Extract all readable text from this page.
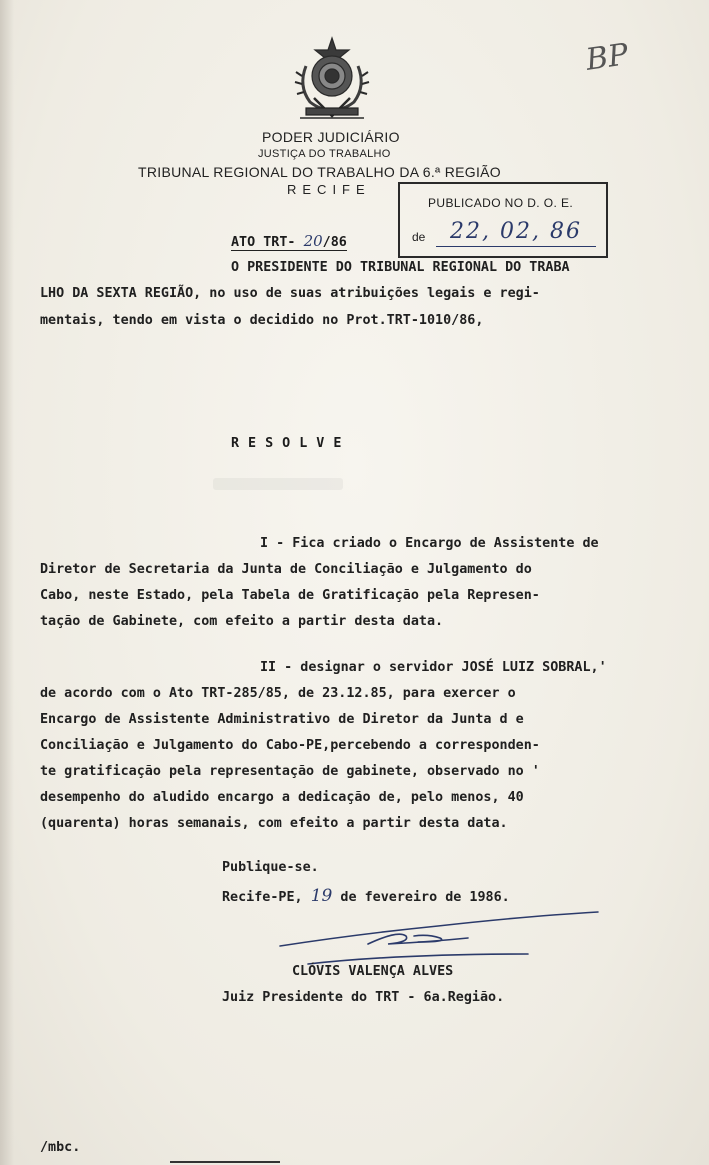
PODER JUDICIÁRIO
JUSTIÇA DO TRABALHO
TRIBUNAL REGIONAL DO TRABALHO DA 6.ª REGIÃO
RECIFE
BP
PUBLICADO NO D. O. E.
de	22, 02, 86
ATO TRT- 20/86
O PRESIDENTE DO TRIBUNAL REGIONAL DO TRABA
LHO DA SEXTA REGIÃO, no uso de suas atribuições legais e regi-
mentais, tendo em vista o decidido no Prot.TRT-1010/86,
RESOLVE
I - Fica criado o Encargo de Assistente de
Diretor de Secretaria da Junta de Conciliação e Julgamento do
Cabo, neste Estado, pela Tabela de Gratificação pela Represen-
tação de Gabinete, com efeito a partir desta data.
II - designar o servidor JOSÉ LUIZ SOBRAL,'
de acordo com o Ato TRT-285/85, de 23.12.85, para exercer o
Encargo de Assistente Administrativo de Diretor da Junta d e
Conciliação e Julgamento do Cabo-PE,percebendo a corresponden-
te gratificação pela representação de gabinete, observado no '
desempenho do aludido encargo a dedicação de, pelo menos, 40
(quarenta) horas semanais, com efeito a partir desta data.
Publique-se.
Recife-PE, 19 de fevereiro de 1986.
CLÓVIS VALENÇA ALVES
Juiz Presidente do TRT - 6a.Região.
/mbc.
